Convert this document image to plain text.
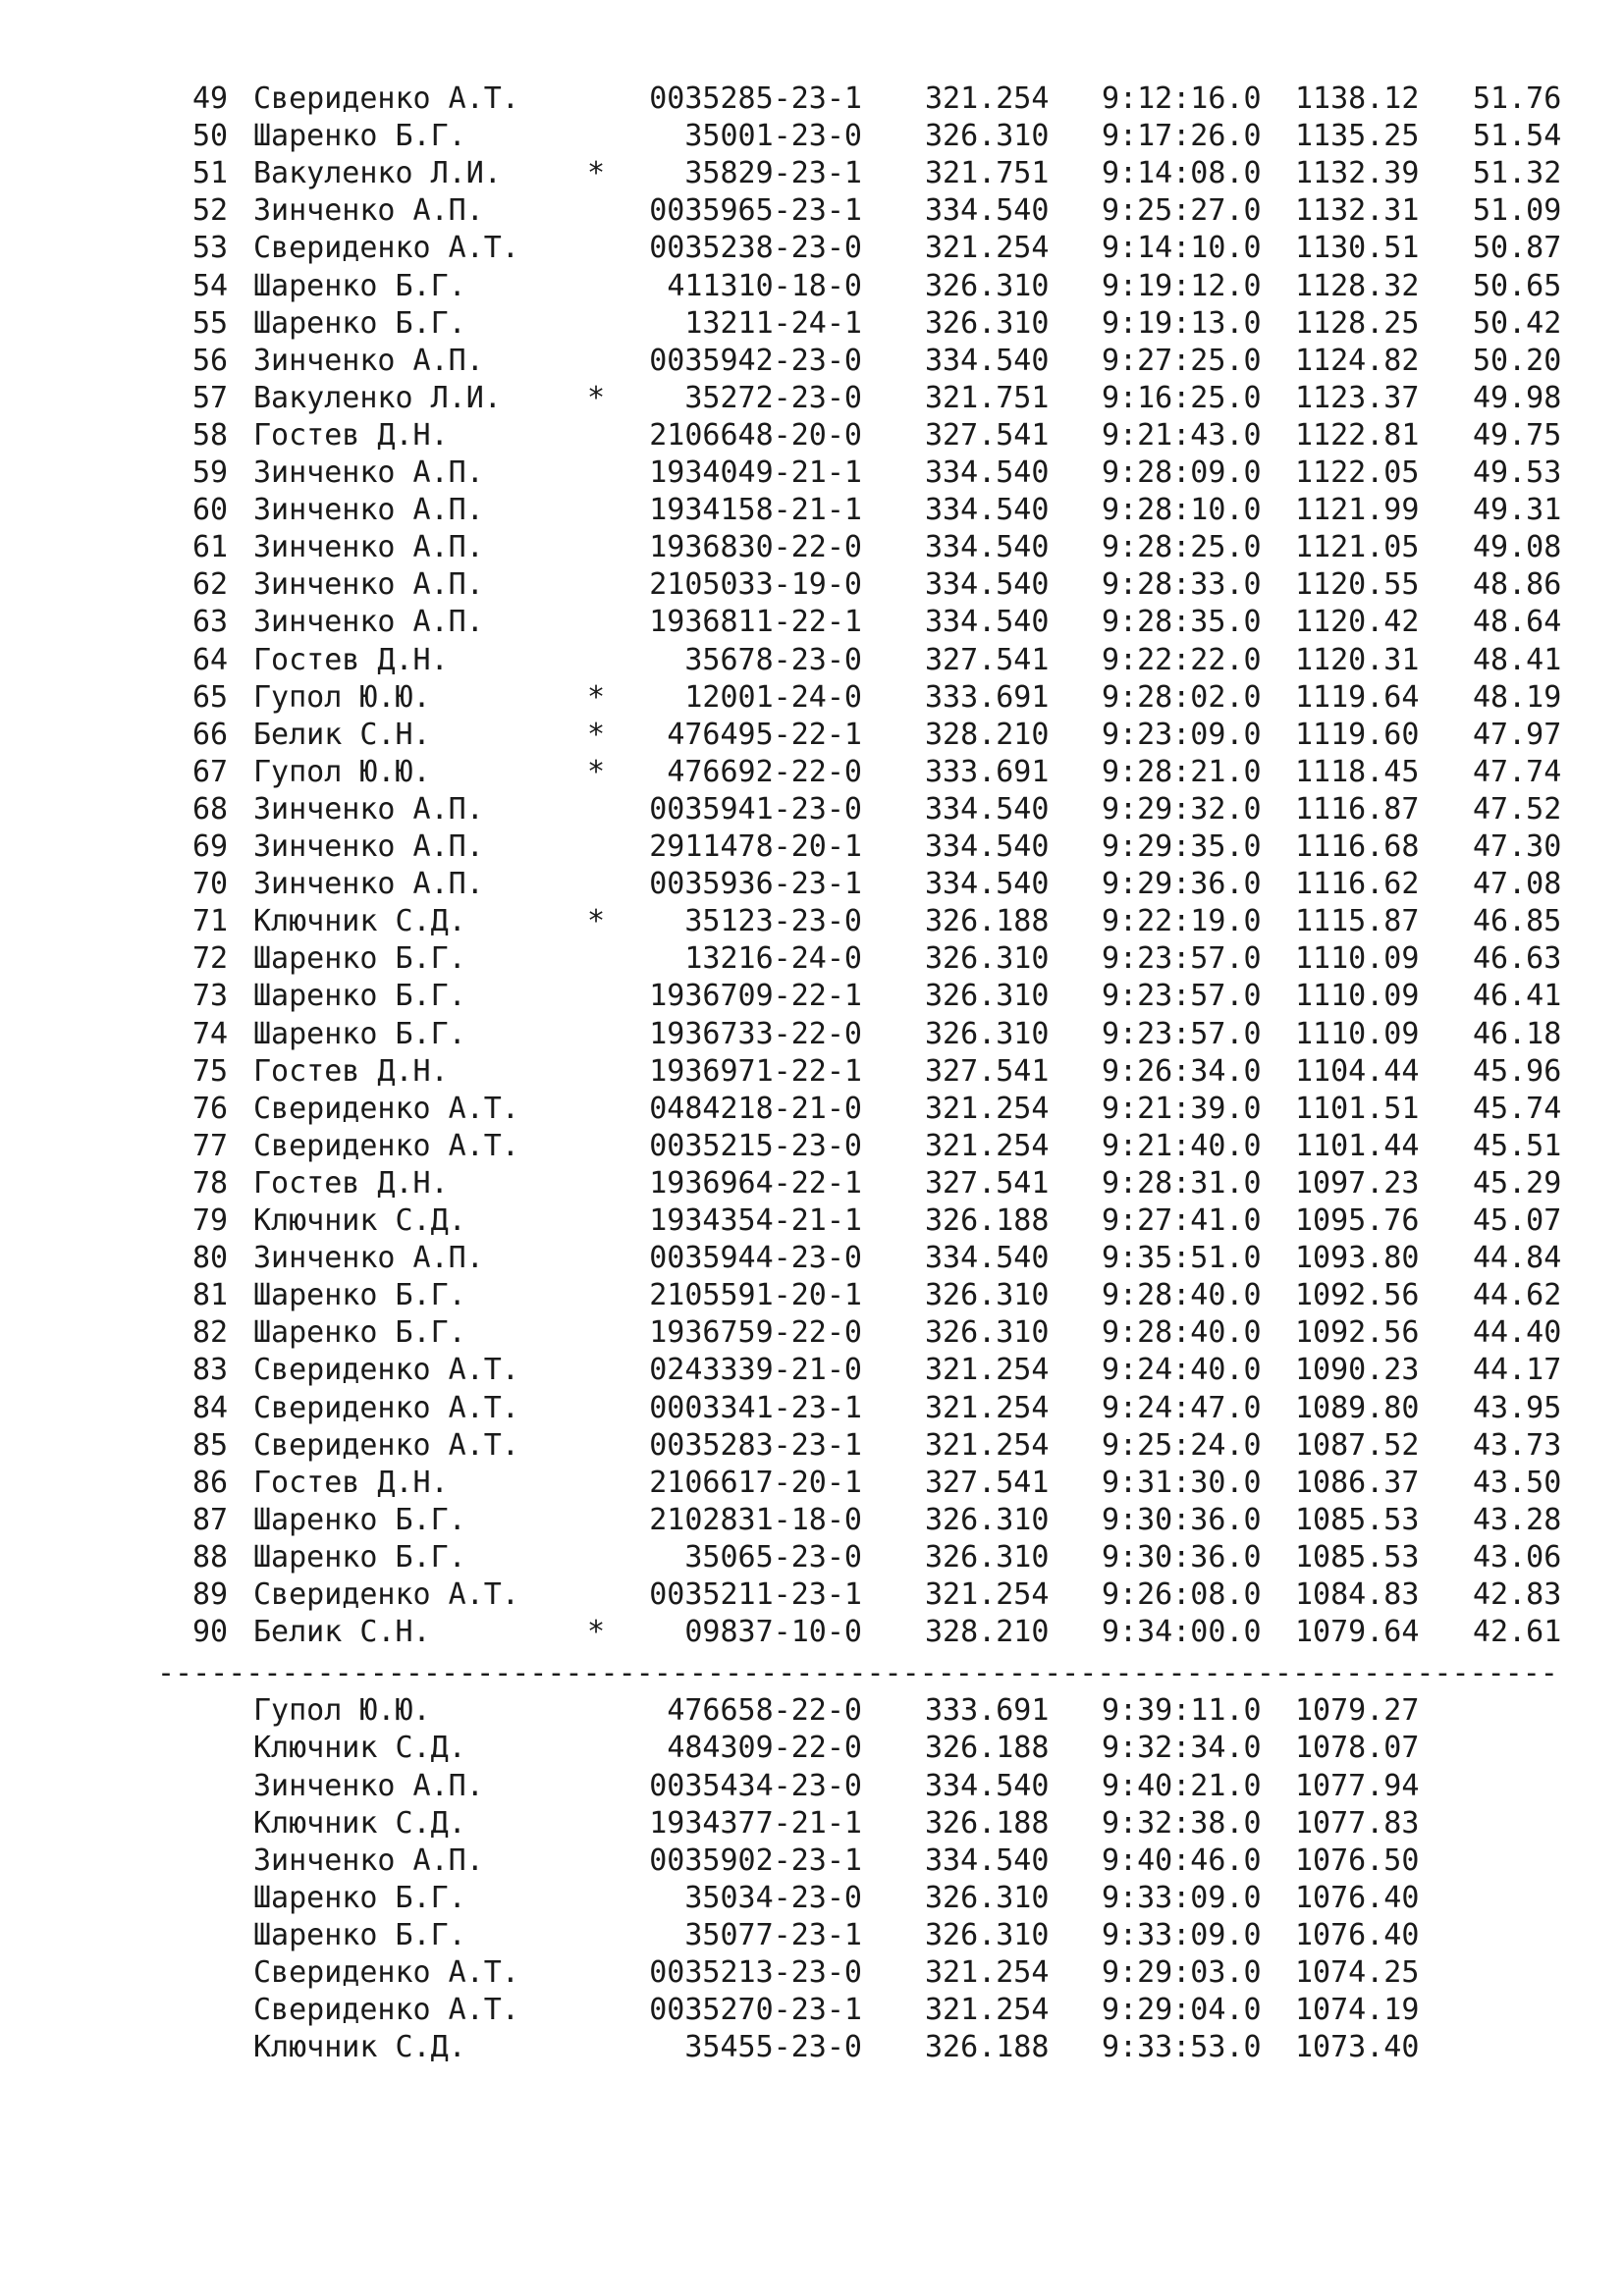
49 Свериденко А.Т.	0035285-23-1 321.254 9:12:16.0 1138.12 51.76
50 Шаренко Б.Г.	35001-23-0 326.310 9:17:26.0 1135.25 51.54
51 Вакуленко Л.И.	*	35829-23-1 321.751 9:14:08.0 1132.39 51.32
52 Зинченко А.П.	0035965-23-1 334.540 9:25:27.0 1132.31 51.09
53 Свериденко А.Т.	0035238-23-0 321.254 9:14:10.0 1130.51 50.87
54 Шаренко Б.Г.	411310-18-0 326.310 9:19:12.0 1128.32 50.65
55 Шаренко Б.Г.	13211-24-1 326.310 9:19:13.0 1128.25 50.42
56 Зинченко А.П.	0035942-23-0 334.540 9:27:25.0 1124.82 50.20
57 Вакуленко Л.И.	*	35272-23-0 321.751 9:16:25.0 1123.37 49.98
58 Гостев Д.Н.	2106648-20-0 327.541 9:21:43.0 1122.81 49.75
59 Зинченко А.П.	1934049-21-1 334.540 9:28:09.0 1122.05 49.53
60 Зинченко А.П.	1934158-21-1 334.540 9:28:10.0 1121.99 49.31
61 Зинченко А.П.	1936830-22-0 334.540 9:28:25.0 1121.05 49.08
62 Зинченко А.П.	2105033-19-0 334.540 9:28:33.0 1120.55 48.86
63 Зинченко А.П.	1936811-22-1 334.540 9:28:35.0 1120.42 48.64
64 Гостев Д.Н.	35678-23-0 327.541 9:22:22.0 1120.31 48.41
65 Гупол Ю.Ю.	*	12001-24-0 333.691 9:28:02.0 1119.64 48.19
66 Белик С.Н.	* 476495-22-1 328.210 9:23:09.0 1119.60 47.97
67 Гупол Ю.Ю.	* 476692-22-0 333.691 9:28:21.0 1118.45 47.74
68 Зинченко А.П.	0035941-23-0 334.540 9:29:32.0 1116.87 47.52
69 Зинченко А.П.	2911478-20-1 334.540 9:29:35.0 1116.68 47.30
70 Зинченко А.П.	0035936-23-1 334.540 9:29:36.0 1116.62 47.08
71 Ключник С.Д.	*	35123-23-0 326.188 9:22:19.0 1115.87 46.85
72 Шаренко Б.Г.	13216-24-0 326.310 9:23:57.0 1110.09 46.63
73 Шаренко Б.Г.	1936709-22-1 326.310 9:23:57.0 1110.09 46.41
74 Шаренко Б.Г.	1936733-22-0 326.310 9:23:57.0 1110.09 46.18
75 Гостев Д.Н.	1936971-22-1 327.541 9:26:34.0 1104.44 45.96
76 Свериденко А.Т.	0484218-21-0 321.254 9:21:39.0 1101.51 45.74
77 Свериденко А.Т.	0035215-23-0 321.254 9:21:40.0 1101.44 45.51
78 Гостев Д.Н.	1936964-22-1 327.541 9:28:31.0 1097.23 45.29
79 Ключник С.Д.	1934354-21-1 326.188 9:27:41.0 1095.76 45.07
80 Зинченко А.П.	0035944-23-0 334.540 9:35:51.0 1093.80 44.84
81 Шаренко Б.Г.	2105591-20-1 326.310 9:28:40.0 1092.56 44.62
82 Шаренко Б.Г.	1936759-22-0 326.310 9:28:40.0 1092.56 44.40
83 Свериденко А.Т.	0243339-21-0 321.254 9:24:40.0 1090.23 44.17
84 Свериденко А.Т.	0003341-23-1 321.254 9:24:47.0 1089.80 43.95
85 Свериденко А.Т.	0035283-23-1 321.254 9:25:24.0 1087.52 43.73
86 Гостев Д.Н.	2106617-20-1 327.541 9:31:30.0 1086.37 43.50
87 Шаренко Б.Г.	2102831-18-0 326.310 9:30:36.0 1085.53 43.28
88 Шаренко Б.Г.	35065-23-0 326.310 9:30:36.0 1085.53 43.06
89 Свериденко А.Т.	0035211-23-1 321.254 9:26:08.0 1084.83 42.83
90 Белик С.Н.	*	09837-10-0 328.210 9:34:00.0 1079.64 42.61
-------------------------------------------------------------------------------
Гупол Ю.Ю.	476658-22-0 333.691 9:39:11.0 1079.27
Ключник С.Д.	484309-22-0 326.188 9:32:34.0 1078.07
Зинченко А.П.	0035434-23-0 334.540 9:40:21.0 1077.94
Ключник С.Д.	1934377-21-1 326.188 9:32:38.0 1077.83
Зинченко А.П.	0035902-23-1 334.540 9:40:46.0 1076.50
Шаренко Б.Г.	35034-23-0 326.310 9:33:09.0 1076.40
Шаренко Б.Г.	35077-23-1 326.310 9:33:09.0 1076.40
Свериденко А.Т.	0035213-23-0 321.254 9:29:03.0 1074.25
Свериденко А.Т.	0035270-23-1 321.254 9:29:04.0 1074.19
Ключник С.Д.	35455-23-0 326.188 9:33:53.0 1073.40
